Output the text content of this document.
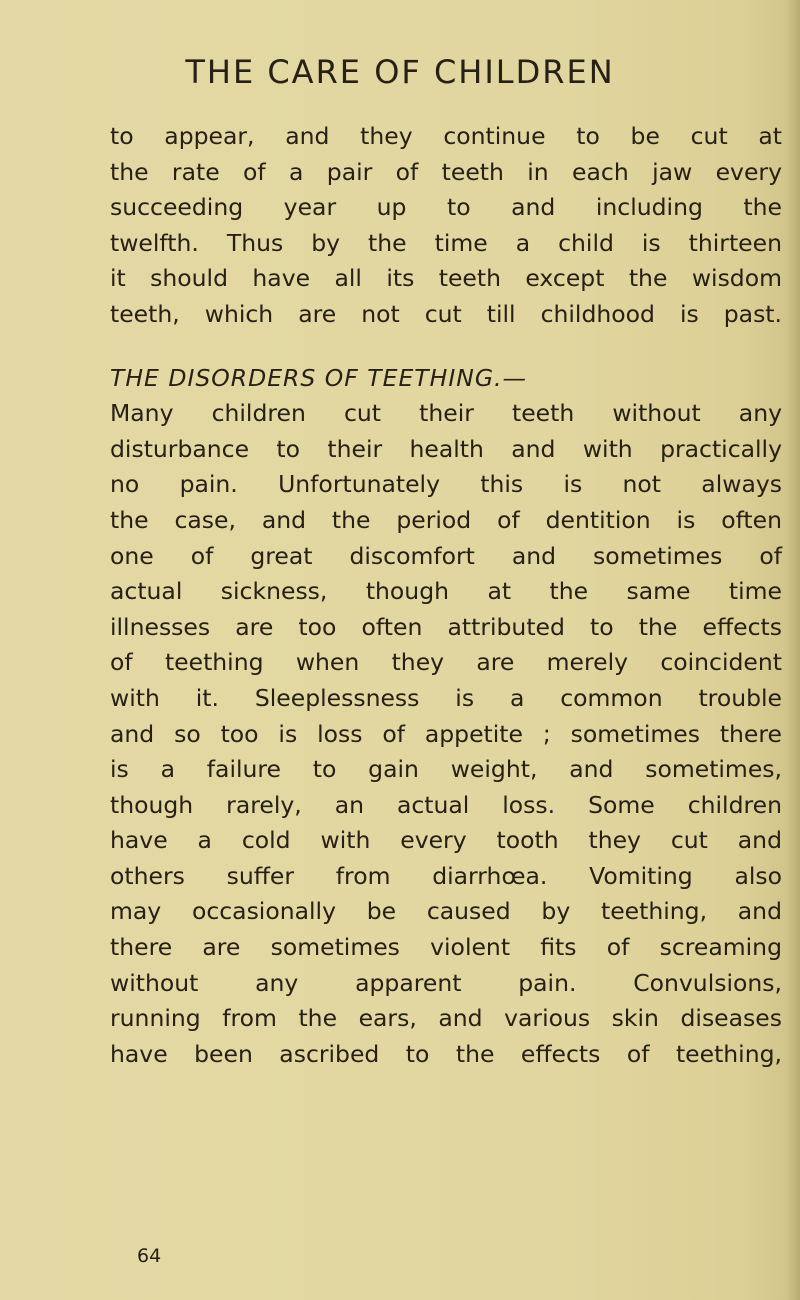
THE CARE OF CHILDREN
to appear, and they continue to be cut at
the rate of a pair of teeth in each jaw every
succeeding year up to and including the
twelfth. Thus by the time a child is thirteen
it should have all its teeth except the wisdom
teeth, which are not cut till childhood is past.
THE DISORDERS OF TEETHING.—
Many children cut their teeth without any
disturbance to their health and with practically
no pain. Unfortunately this is not always
the case, and the period of dentition is often
one of great discomfort and sometimes of
actual sickness, though at the same time
illnesses are too often attributed to the effects
of teething when they are merely coincident
with it. Sleeplessness is a common trouble
and so too is loss of appetite ; sometimes there
is a failure to gain weight, and sometimes,
though rarely, an actual loss. Some children
have a cold with every tooth they cut and
others suffer from diarrhœa. Vomiting also
may occasionally be caused by teething, and
there are sometimes violent fits of screaming
without any apparent pain. Convulsions,
running from the ears, and various skin diseases
have been ascribed to the effects of teething,
64
